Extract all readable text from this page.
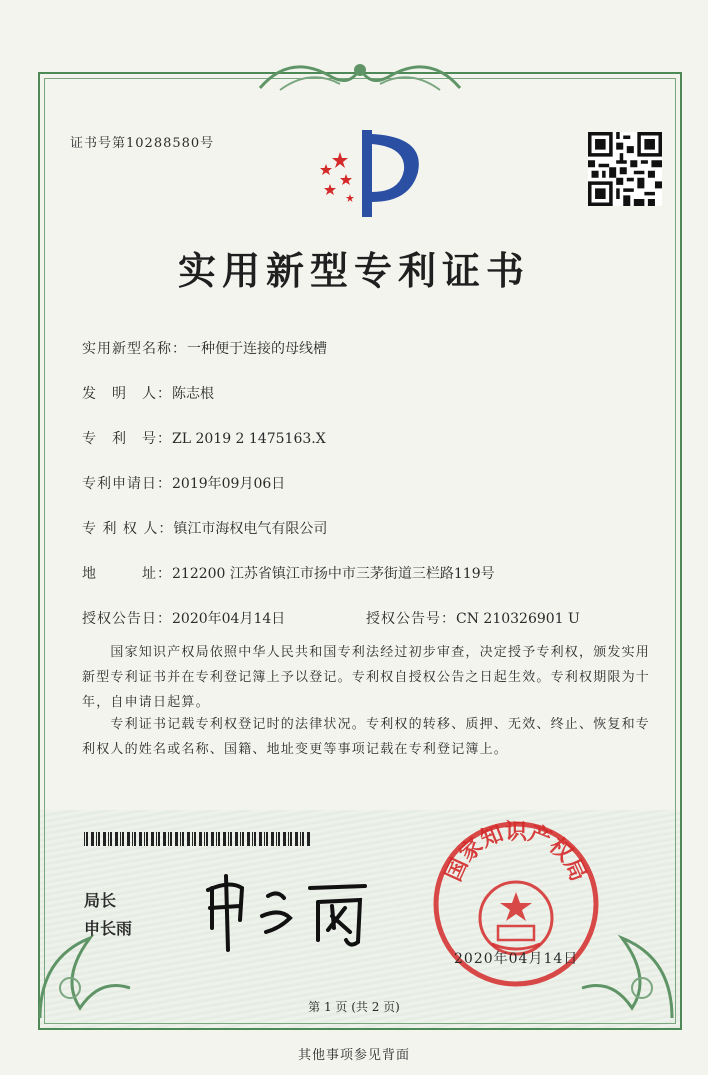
证书号第10288580号
实用新型专利证书
实用新型名称：一种便于连接的母线槽
发　明　人：陈志根
专　利　号：ZL 2019 2 1475163.X
专利申请日：2019年09月06日
专 利 权 人：镇江市海权电气有限公司
地　　　址：212200 江苏省镇江市扬中市三茅街道三栏路119号
授权公告日：2020年04月14日	授权公告号：CN 210326901 U
　　国家知识产权局依照中华人民共和国专利法经过初步审查，决定授予专利权，颁发实用新型专利证书并在专利登记簿上予以登记。专利权自授权公告之日起生效。专利权期限为十年，自申请日起算。
　　专利证书记载专利权登记时的法律状况。专利权的转移、质押、无效、终止、恢复和专利权人的姓名或名称、国籍、地址变更等事项记载在专利登记簿上。
局长
申长雨
国家知识产权局
2020年04月14日
第 1 页 (共 2 页)
其他事项参见背面
